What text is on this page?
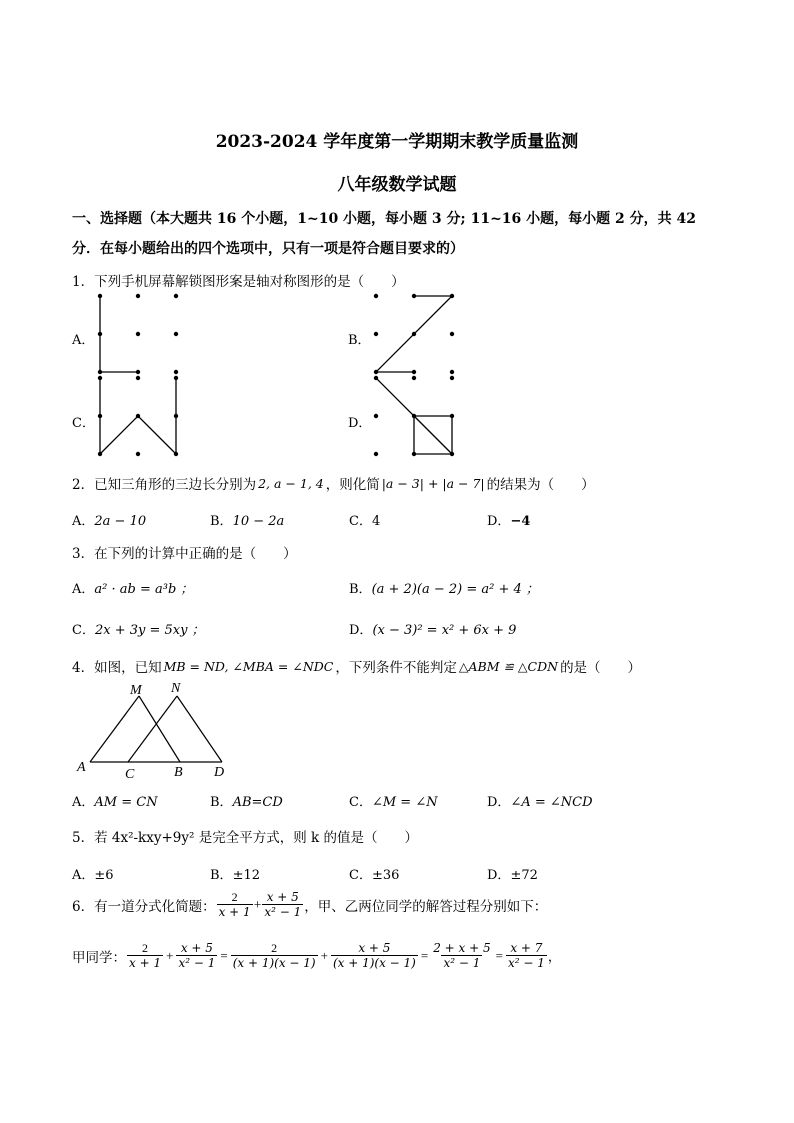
2023-2024 学年度第一学期期末教学质量监测
八年级数学试题
一、选择题（本大题共 16 个小题，1~10 小题，每小题 3 分; 11~16 小题，每小题 2 分，共 42
分．在每小题给出的四个选项中，只有一项是符合题目要求的）
1．下列手机屏幕解锁图形案是轴对称图形的是（　　）
A．	B．
C．	D．
2．已知三角形的三边长分别为 2, a − 1, 4 ，则化简 |a − 3| + |a − 7| 的结果为（　　）
A．2a − 10	B．10 − 2a	C．4	D．−4
3．在下列的计算中正确的是（　　）
A．a² · ab = a³b ；	B．(a + 2)(a − 2) = a² + 4 ；
C．2x + 3y = 5xy ；	D．(x − 3)² = x² + 6x + 9
4．如图，已知 MB = ND, ∠MBA = ∠NDC ，下列条件不能判定 △ABM ≌ △CDN 的是（　　）
M N
A	C	B D
A．AM = CN	B．AB=CD	C．∠M = ∠N	D．∠A = ∠NCD
5．若 4x²-kxy+9y² 是完全平方式，则 k 的值是（　　）
A．±6	B．±12	C．±36	D．±72
6．有一道分式化简题： $\frac{2}{x + 1} + \frac{x + 5}{\text{x² − 1}}$ ，甲、乙两位同学的解答过程分别如下：
甲同学： $\frac{2}{x + 1} + \frac{x + 5}{\text{x² − 1}} = \frac{2}{(x + 1)(x - 1)} + \frac{x + 5}{(x + 1)(x - 1)} = \frac{2 + x + 5}{\text{x² − 1}} = \frac{x + 7}{\text{x² − 1}}$ ，
